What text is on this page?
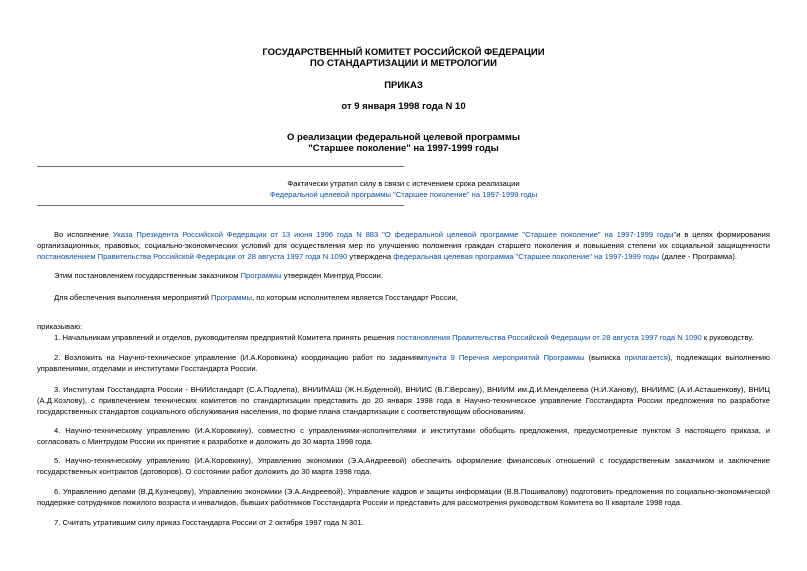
ГОСУДАРСТВЕННЫЙ КОМИТЕТ РОССИЙСКОЙ ФЕДЕРАЦИИ
ПО СТАНДАРТИЗАЦИИ И МЕТРОЛОГИИ
ПРИКАЗ
от 9 января 1998 года N 10
О реализации федеральной целевой программы
"Старшее поколение" на 1997-1999 годы
Фактически утратил силу в связи с истечением срока реализации
Федеральной целевой программы "Старшее поколение" на 1997-1999 годы
Во исполнение Указа Президента Российской Федерации от 13 июня 1996 года N 883 "О федеральной целевой программе "Старшее поколение" на 1997-1999 годы"и в целях формирования организационных, правовых, социально-экономических условий для осуществления мер по улучшению положения граждан старшего поколения и повышения степени их социальной защищенности постановлением Правительства Российской Федерации от 28 августа 1997 года N 1090 утверждена федеральная целевая программа "Старшее поколение" на 1997-1999 годы (далее - Программа).
Этим постановлением государственным заказчиком Программы утвержден Минтруд России.
Для обеспечения выполнения мероприятий Программы, по которым исполнителем является Госстандарт России,
приказываю:
1. Начальникам управлений и отделов, руководителям предприятий Комитета принять решения постановления Правительства Российской Федерации от 28 августа 1997 года N 1090 к руководству.
2. Возложить на Научно-техническое управление (И.А.Коровкина) координацию работ по заданиямпункта 9 Перечня мероприятий Программы (выписка прилагается), подлежащих выполнению управлениями, отделами и институтами Госстандарта России.
3. Институтам Госстандарта России - ВНИИстандарт (С.А.Подлепа), ВНИИМАШ (Ж.Н.Буденной), ВНИИС (В.Г.Версану), ВНИИМ им.Д.И.Менделеева (Н.И.Ханову), ВНИИМС (А.И.Асташенкову), ВНИЦ (А.Д.Козлову), с привлечением технических комитетов по стандартизации представить до 20 января 1998 года в Научно-техническое управление Госстандарта России предложения по разработке государственных стандартов социального обслуживания населения, по форме плана стандартизации с соответствующим обоснованиям.
4. Научно-техническому управлению (И.А.Коровкину), совместно с управлениями-исполнителями и институтами обобщить предложения, предусмотренные пунктом 3 настоящего приказа, и согласовать с Минтрудом России их принятие к разработке и доложить до 30 марта 1998 года.
5. Научно-техническому управлению (И.А.Коровкину), Управлению экономики (Э.А.Андреевой) обеспечить оформление финансовых отношений с государственным заказчиком и заключение государственных контрактов (договоров). О состоянии работ доложить до 30 марта 1998 года.
6. Управлению делами (В.Д.Кузнецову), Управлению экономики (Э.А.Андреевой), Управление кадров и защиты информации (В.В.Пошивалову) подготовить предложения по социально-экономической поддержке сотрудников пожилого возраста и инвалидов, бывших работников Госстандарта России и представить для рассмотрения руководством Комитета во II квартале 1998 года.
7. Считать утратившим силу приказ Госстандарта России от 2 октября 1997 года N 301.
